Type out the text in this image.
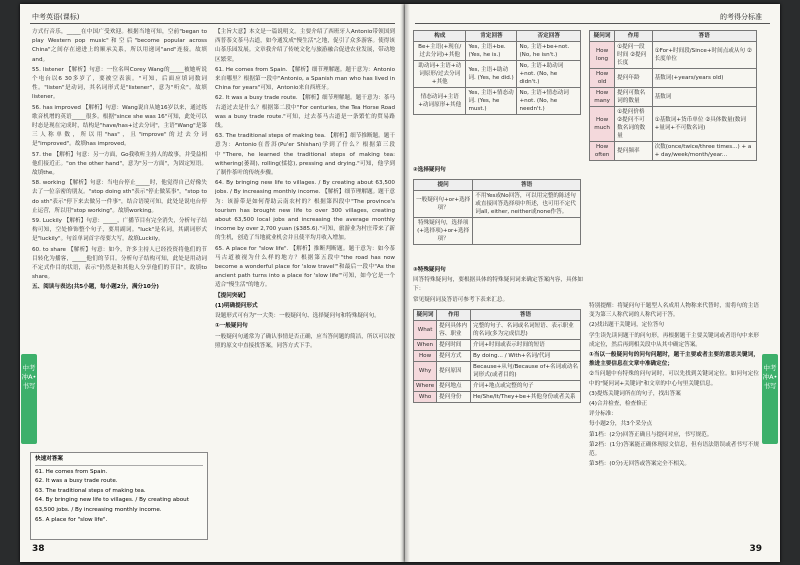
中考英语(课标)

方式行音乐，_____在中国广受欢迎。根据当地可知，空前"began to play Western pop music"和空后"become popular across China"之间存在递进上的顺承关系，所以用递词"and"连接。故填and。

55. listener 【解析】句意：一位名叫Corey Wang的_____被她听说个电台以6 30多岁了，要被空表演。"可知，后面应填词数词性。"listen"是动词，其名词形式是"listener"，意为"听众"。故填listener。

56. has improved 【解析】句意：Wang说自从她16岁以来，通过练歌音机增的英语_____很多。根据"since she was 16"可知，此处可以时态是现在完成时，结构是"have/has+过去分词"，主语"Wang"是第三人称单数，所以用"has"，且"improve"的过去分词是"improved"。故填has improved。

57. the 【解析】句意：另一方面，Go我收听主持人的故事，并受益相他们接近正。"on the other hand"，意为"另一方面"，为固定短语。故填the。

58. working 【解析】句意：当电台停止_____时，他觉得自己好像失去了一位亲密的朋友。"stop doing sth"表示"停止做某事"，"stop to do sth"表示"停下来去做另一件事"，结合语境可知，此处是说电台停止运营，所以用"stop working"。故填working。

59. Luckily 【解析】句意：_____，广播节目有完全消失，分析句子结构可知，空处修饰整个句子，要用副词。"luck"是名词，其副词形式是"luckily"。句首单词首字母要大写。故填Luckily。

60. to share 【解析】句意：如今，许多主持人已经投资将他们的节目转化为播客，_____他们的节目。分析句子结构可知，此处是用动词不定式作目的状语，表示"仍然是和其他人分享他们的节目"。故填to share。

五、阅读与表达(共5小题，每小题2分，满分10分)

快速对答案
61. He comes from Spain.
62. It was a busy trade route.
63. The traditional steps of making tea.
64. By bringing new life to villages. / By creating about 63,500 jobs. / By increasing monthly income.
65. A place for "slow life".

【主旨大意】本文是一篇说明文。主要介绍了西班牙人Antonio带领国到西普茶文茶马古道，如今通发成"慢生活"之地，促引了众多游客。使得该山茶乐园发展。文章我介绍了传统文化与旅游融合促进农业发展，带动地区繁荣。

61. He comes from Spain. 【解析】细节理解题。题干意为：Antonio来自哪里？根据第一段中"Antonio, a Spanish man who has lived in China for years"可知，Antonio来自西班牙。

62. It was a busy trade route. 【解析】细节理解题。题干意为：茶马古道过去是什么？根据第二段中"For centuries, the Tea Horse Road was a busy trade route."可知，过去茶马古道是一条繁忙的贸易路线。

63. The traditional steps of making tea. 【解析】细节推断题。题干意为：Antonio在普洱(Pu'er Shishan)学到了什么？根据第三段中"There, he learned the traditional steps of making tea: withering(萎凋), rolling(揉捻), pressing and drying."可知，他学到了制作茶叶的传统步骤。

64. By bringing new life to villages. / By creating about 63,500 jobs. / By increasing monthly income. 【解析】细节理解题。题干意为：该游带是如何帮助云南农村的？根据第四段中"The province's tourism has brought new life to over 300 villages, creating about 63,500 local jobs and increasing the average monthly income by over 2,700 yuan ($385.6)."可知，旅游业为村庄带来了新的生机，创造了当地就业机会并且使平均月收入增加。

65. A place for "slow life". 【解析】推断判断题。题干意为：如今茶马古道被视为什么样的地方？根据第五段中"the road has now become a wonderful place for 'slow travel'"和最后一段中"As the ancient path turns into a place for 'slow life'"可知，如今它是一个适合"慢生活"的地方。

【提问突破】

(1)明确提问形式

设题形式可有为"一大类：一般疑问句、选择疑问句和特殊疑问句。

①一般疑问句

一般疑问句通常为了确认事情是否正确，应当答问题的简洁，所以可以按照的原文中直接找答案，同答方式下手。

中考冲A•书写
38
的考得分标准
构成	肯定回答	否定回答
Be+主语(+现在/过去分词)+其他	Yes, 主语+be. (Yes, he is.)	No, 主语+be+not. (No, he isn't.)
助动词+主语+动词原形/过去分词+其他	Yes, 主语+助动词. (Yes, he did.)	No, 主语+助动词+not. (No, he didn't.)
情态动词+主语+动词原形+其他	Yes, 主语+情态动词. (Yes, he must.)	No, 主语+情态动词+not. (No, he needn't.)
②选择疑问句
提问	答语
一般疑问句+or+选择项？	不用Yes或No回答，可以用完整的陈述句或直接回答选择项中所述，也可用不定代词all, either, neither或none作答。
特殊疑问句，选择项(+选择项)+or+选择项？	

③特殊疑问句

回答特殊疑问句，要根据具体的特殊疑问词来确定答案内容，具体如下：

常见疑问词及答语可参考下表来汇总。

疑问词	作用	答语
What	提问具体内容、职业	完整的句子、名词或名词短语、表示职业的名词(多为完成信思)
When	提问时间	介词+时间或表示时间的短语
How	提问方式	By doing... / With+名词/代词
Why	提问原因	Because+从句/Because of+名词或动名词形式(或者目的)
Where	提问地点	介词+地点或完整的句子
Who	提问身份	He/She/It/They+be+其他身份或者关系
疑问词	作用	答语
How long	①提问一段时间 ②提问长度	①For+时间段/Since+时间点或从句 ②长度单位
How old	提问年龄	基数词(+years/years old)
How many	提问可数名词的数量	基数词
How much	①提问价格 ②提问不可数名词的数量	①基数词+货币单位 ②具体数量(数词+量词+不可数名词)
How often	提问频率	次数(once/twice/three times...) + a + day/week/month/year...

特别提醒：将疑问句干题型人名成用人物称来代替时，需将句的主语变为第三人称代词的人称代词干答。

(2)找出题干关键词，定位答句

学生读先读问题干的问句形，再根据题干主要关键词或者语句中来形成定位，然后再到相关段中从其中确定答案。

①当以一般疑问句的问句问题时，题干主要或者主要的意思关键词，推进主要信息在文章中准确定位；

②当问题中有特殊的问句词时，可以先找到关键词定位。如问句定位中的"疑问词+关键词"和文章的中心句里关键信息。

(3)提炼关键词所在的句子，找出答案

(4)合并检查，检查修正

评分标准：

每小题2分，共3个采分点

第1档：(2分)回答正确且与提问对应，书写规范。

第2档：(1分)答案能正确体现原文信息，但有语法错误或者书写不规范。

第3档：(0分)无回答或答案完全不相关。

中考冲A•书写
39
